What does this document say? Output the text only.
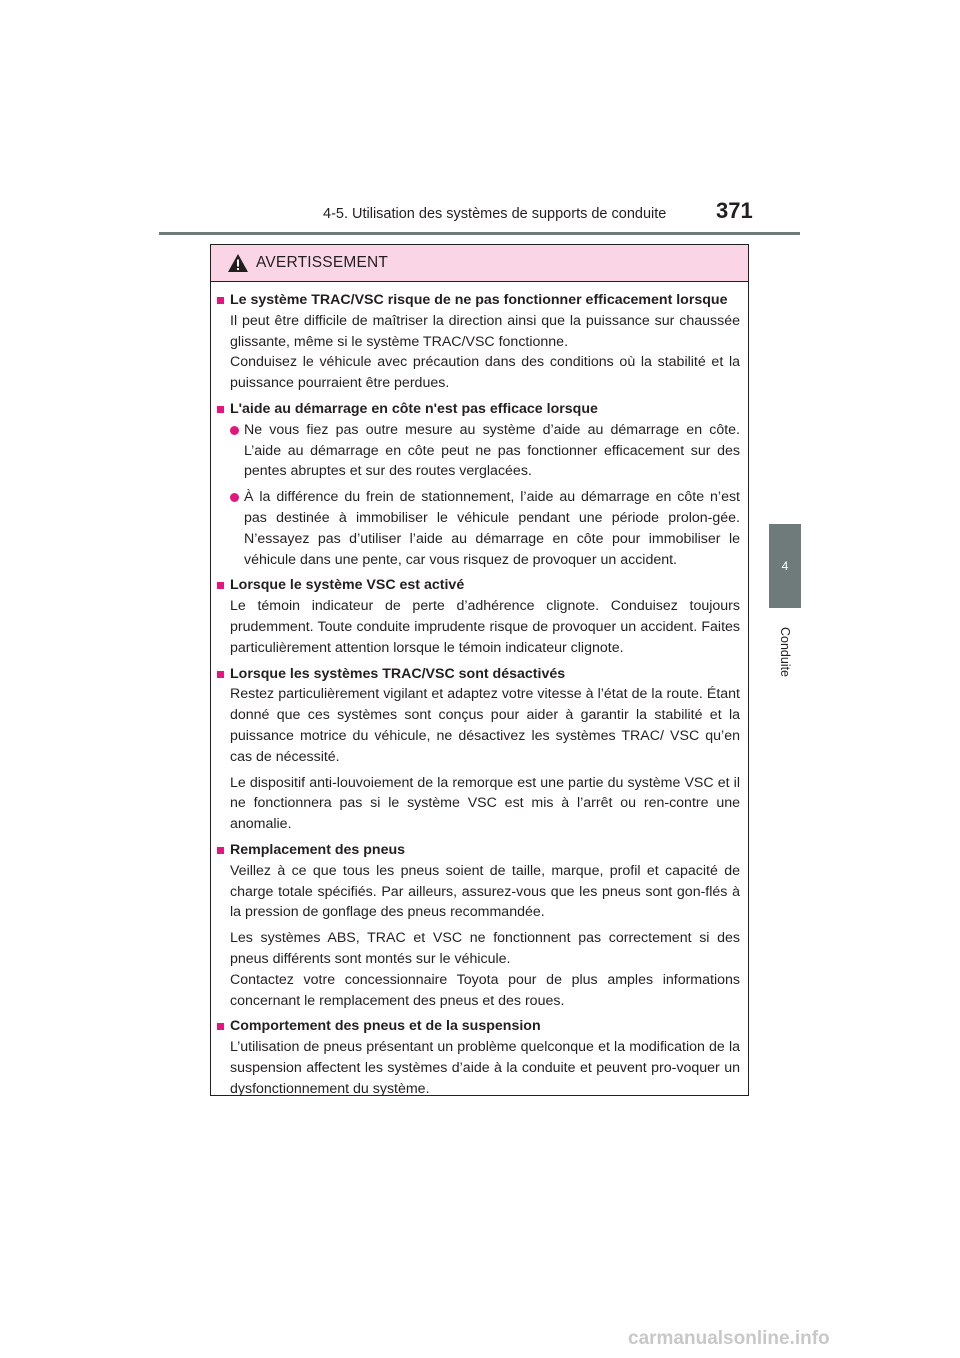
4-5. Utilisation des systèmes de supports de conduite	371
4
Conduite
AVERTISSEMENT
Le système TRAC/VSC risque de ne pas fonctionner efficacement lorsque
Il peut être difficile de maîtriser la direction ainsi que la puissance sur chaussée glissante, même si le système TRAC/VSC fonctionne.
Conduisez le véhicule avec précaution dans des conditions où la stabilité et la puissance pourraient être perdues.
L'aide au démarrage en côte n'est pas efficace lorsque
Ne vous fiez pas outre mesure au système d’aide au démarrage en côte. L’aide au démarrage en côte peut ne pas fonctionner efficacement sur des pentes abruptes et sur des routes verglacées.
À la différence du frein de stationnement, l’aide au démarrage en côte n’est pas destinée à immobiliser le véhicule pendant une période prolon-gée. N’essayez pas d’utiliser l’aide au démarrage en côte pour immobiliser le véhicule dans une pente, car vous risquez de provoquer un accident.
Lorsque le système VSC est activé
Le témoin indicateur de perte d’adhérence clignote. Conduisez toujours prudemment. Toute conduite imprudente risque de provoquer un accident. Faites particulièrement attention lorsque le témoin indicateur clignote.
Lorsque les systèmes TRAC/VSC sont désactivés
Restez particulièrement vigilant et adaptez votre vitesse à l’état de la route. Étant donné que ces systèmes sont conçus pour aider à garantir la stabilité et la puissance motrice du véhicule, ne désactivez les systèmes TRAC/ VSC qu’en cas de nécessité.
Le dispositif anti-louvoiement de la remorque est une partie du système VSC et il ne fonctionnera pas si le système VSC est mis à l’arrêt ou ren-contre une anomalie.
Remplacement des pneus
Veillez à ce que tous les pneus soient de taille, marque, profil et capacité de charge totale spécifiés. Par ailleurs, assurez-vous que les pneus sont gon-flés à la pression de gonflage des pneus recommandée.
Les systèmes ABS, TRAC et VSC ne fonctionnent pas correctement si des pneus différents sont montés sur le véhicule.
Contactez votre concessionnaire Toyota pour de plus amples informations concernant le remplacement des pneus et des roues.
Comportement des pneus et de la suspension
L’utilisation de pneus présentant un problème quelconque et la modification de la suspension affectent les systèmes d’aide à la conduite et peuvent pro-voquer un dysfonctionnement du système.
carmanualsonline.info
